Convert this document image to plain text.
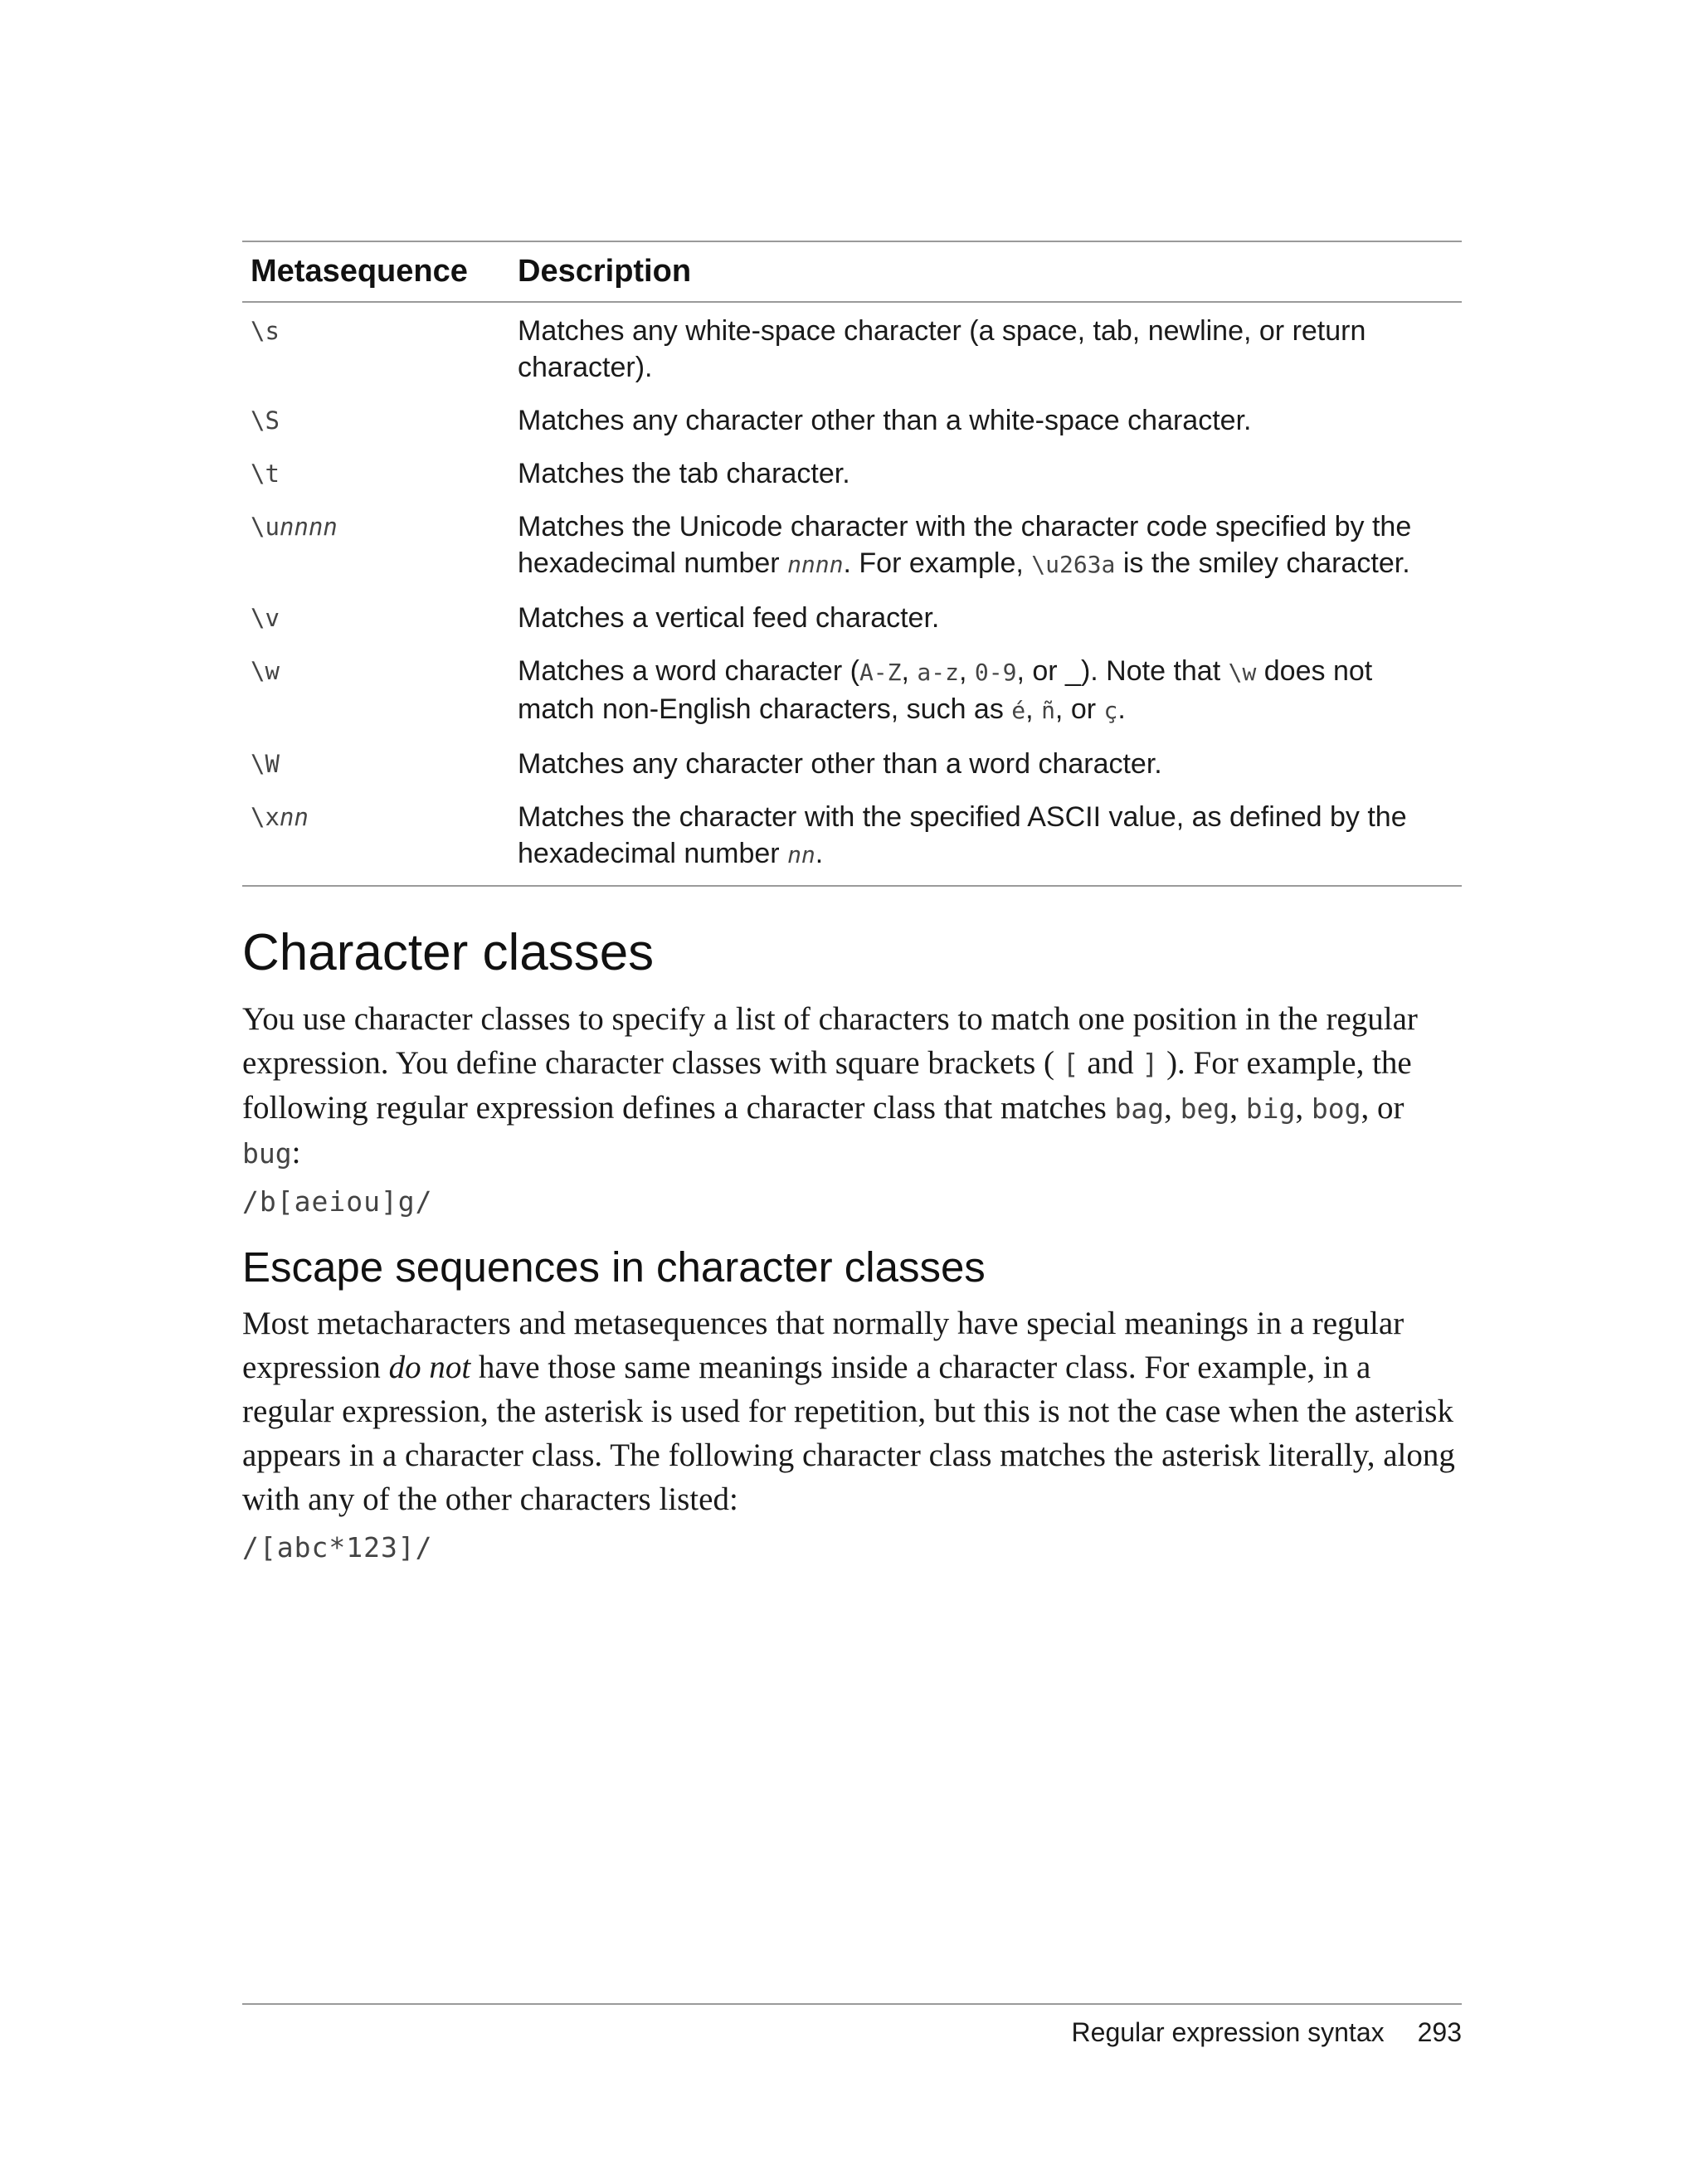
Metasequence	Description
\s	Matches any white-space character (a space, tab, newline, or return character).
\S	Matches any character other than a white-space character.
\t	Matches the tab character.
\unnnn	Matches the Unicode character with the character code specified by the hexadecimal number nnnn. For example, \u263a is the smiley character.
\v	Matches a vertical feed character.
\w	Matches a word character (A-Z, a-z, 0-9, or _). Note that \w does not match non-English characters, such as é, ñ, or ç.
\W	Matches any character other than a word character.
\xnn	Matches the character with the specified ASCII value, as defined by the hexadecimal number nn.
Character classes

You use character classes to specify a list of characters to match one position in the regular expression. You define character classes with square brackets ( [ and ] ). For example, the following regular expression defines a character class that matches bag, beg, big, bog, or bug:

/b[aeiou]g/
Escape sequences in character classes

Most metacharacters and metasequences that normally have special meanings in a regular expression do not have those same meanings inside a character class. For example, in a regular expression, the asterisk is used for repetition, but this is not the case when the asterisk appears in a character class. The following character class matches the asterisk literally, along with any of the other characters listed:

/[abc*123]/
Regular expression syntax 293
